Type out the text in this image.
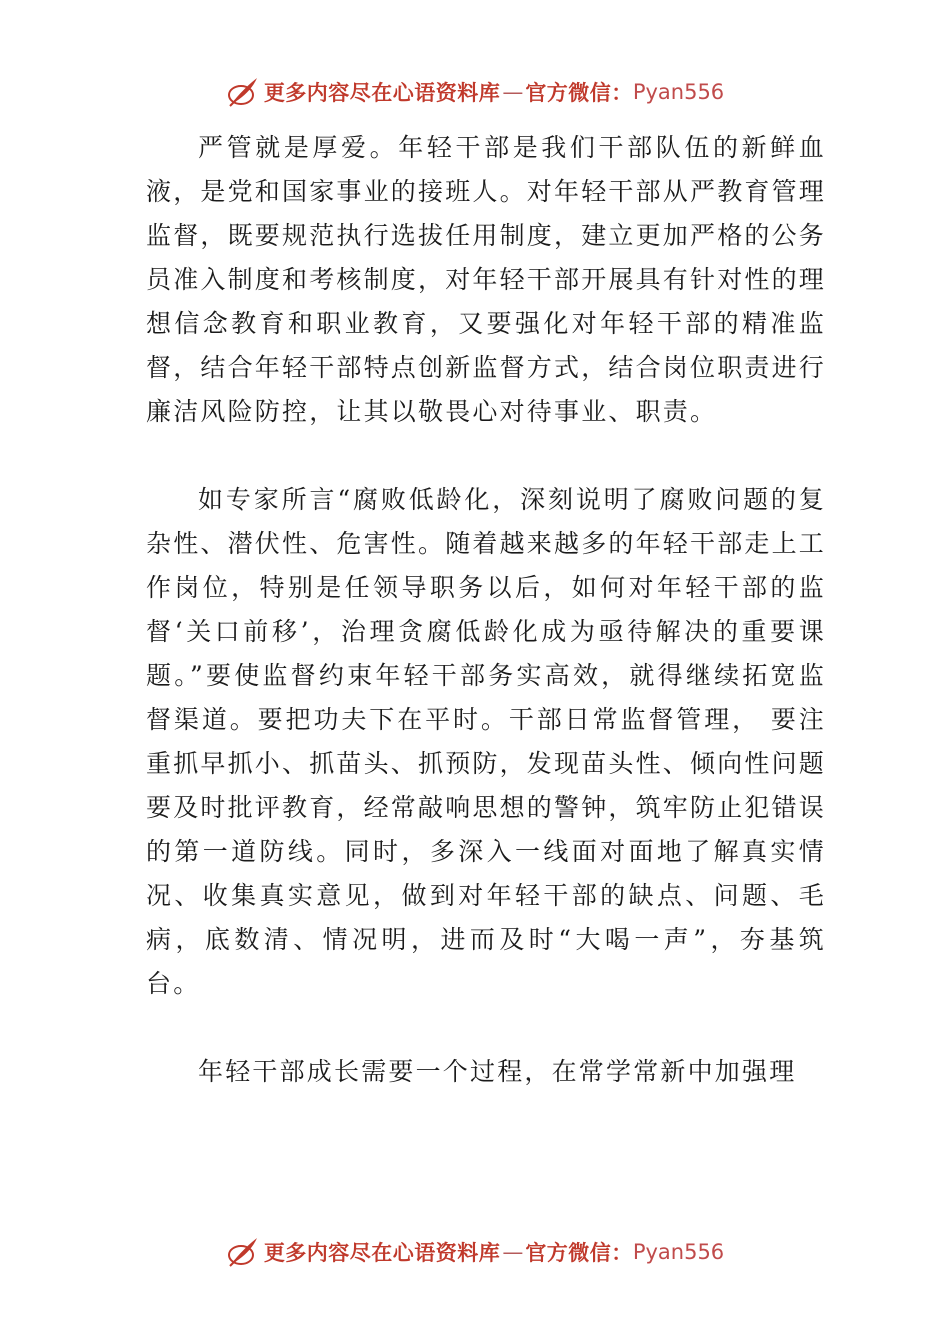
更多内容尽在心语资料库 — 官方微信： Pyan556

严管就是厚爱。年轻干部是我们干部队伍的新鲜血液，是党和国家事业的接班人。对年轻干部从严教育管理监督，既要规范执行选拔任用制度，建立更加严格的公务员准入制度和考核制度，对年轻干部开展具有针对性的理想信念教育和职业教育，又要强化对年轻干部的精准监督，结合年轻干部特点创新监督方式，结合岗位职责进行廉洁风险防控，让其以敬畏心对待事业、职责。

如专家所言“腐败低龄化，深刻说明了腐败问题的复杂性、潜伏性、危害性。随着越来越多的年轻干部走上工作岗位，特别是任领导职务以后，如何对年轻干部的监督‘关口前移’，治理贪腐低龄化成为亟待解决的重要课题。”要使监督约束年轻干部务实高效，就得继续拓宽监督渠道。要把功夫下在平时。干部日常监督管理， 要注重抓早抓小、抓苗头、抓预防，发现苗头性、倾向性问题要及时批评教育，经常敲响思想的警钟，筑牢防止犯错误的第一道防线。同时，多深入一线面对面地了解真实情况、收集真实意见，做到对年轻干部的缺点、问题、毛病，底数清、情况明，进而及时“大喝一声”，夯基筑台。

年轻干部成长需要一个过程，在常学常新中加强理

更多内容尽在心语资料库 — 官方微信： Pyan556
